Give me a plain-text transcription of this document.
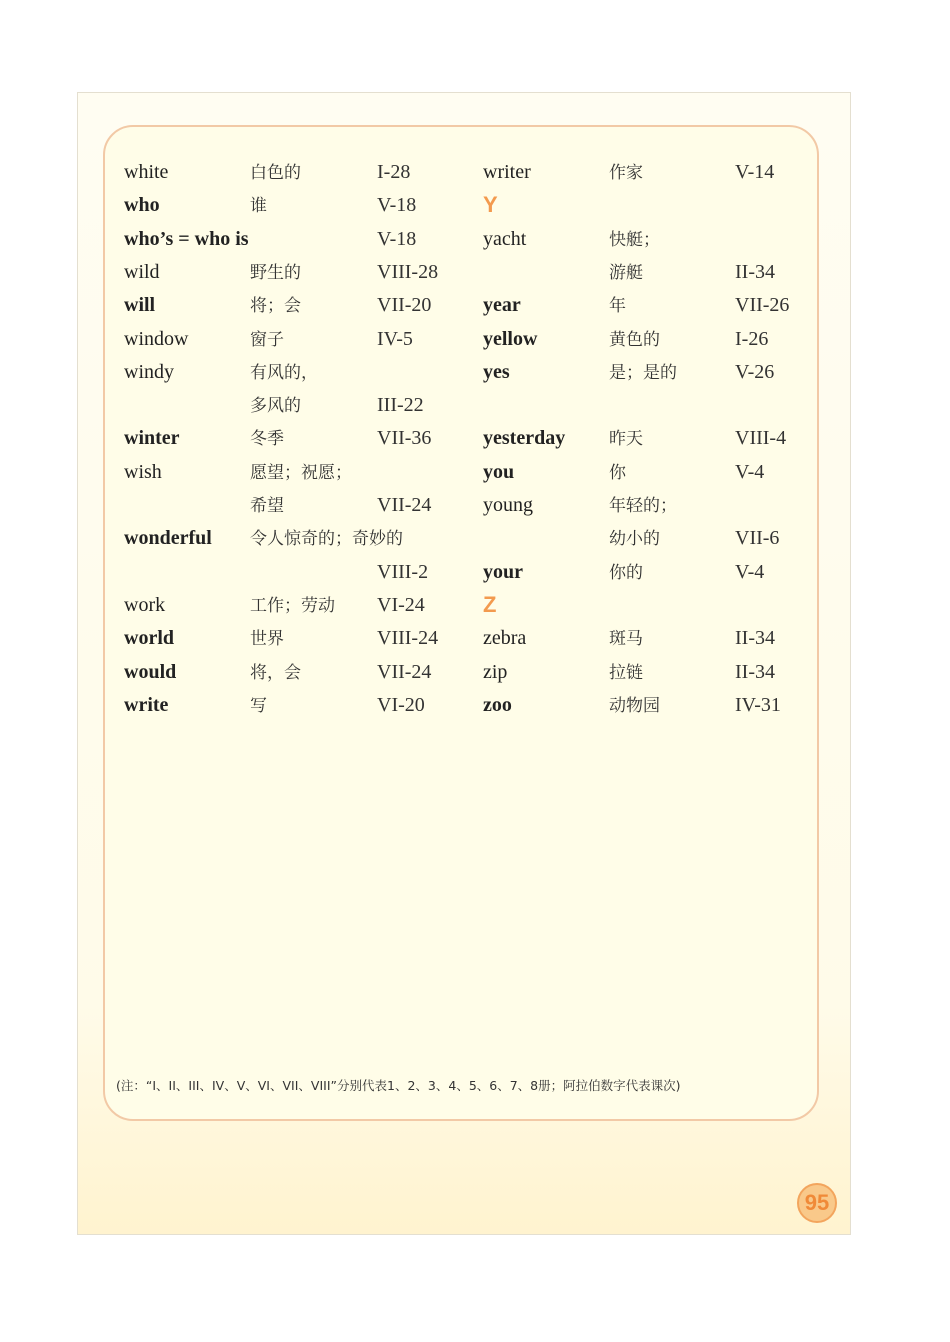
white	白色的	I-28
who	谁	V-18
who’s = who is	V-18
wild	野生的	VIII-28
will	将；会	VII-20
window	窗子	IV-5
windy	有风的，
多风的	III-22
winter	冬季	VII-36
wish	愿望；祝愿；
希望	VII-24
wonderful 令人惊奇的；奇妙的
VIII-2
work	工作；劳动 VI-24
world	世界	VIII-24
would	将，会	VII-24
write	写	VI-20
writer	作家	V-14
Y
yacht	快艇；
游艇	II-34
year	年	VII-26
yellow	黄色的	I-26
yes	是；是的	V-26
yesterday	昨天	VIII-4
you	你	V-4
young	年轻的；
幼小的	VII-6
your	你的	V-4
Z
zebra	斑马	II-34
zip	拉链	II-34
zoo	动物园	IV-31
(注：“I、II、III、IV、V、VI、VII、VIII”分别代表1、2、3、4、5、6、7、8册；阿拉伯数字代表课次)
95
